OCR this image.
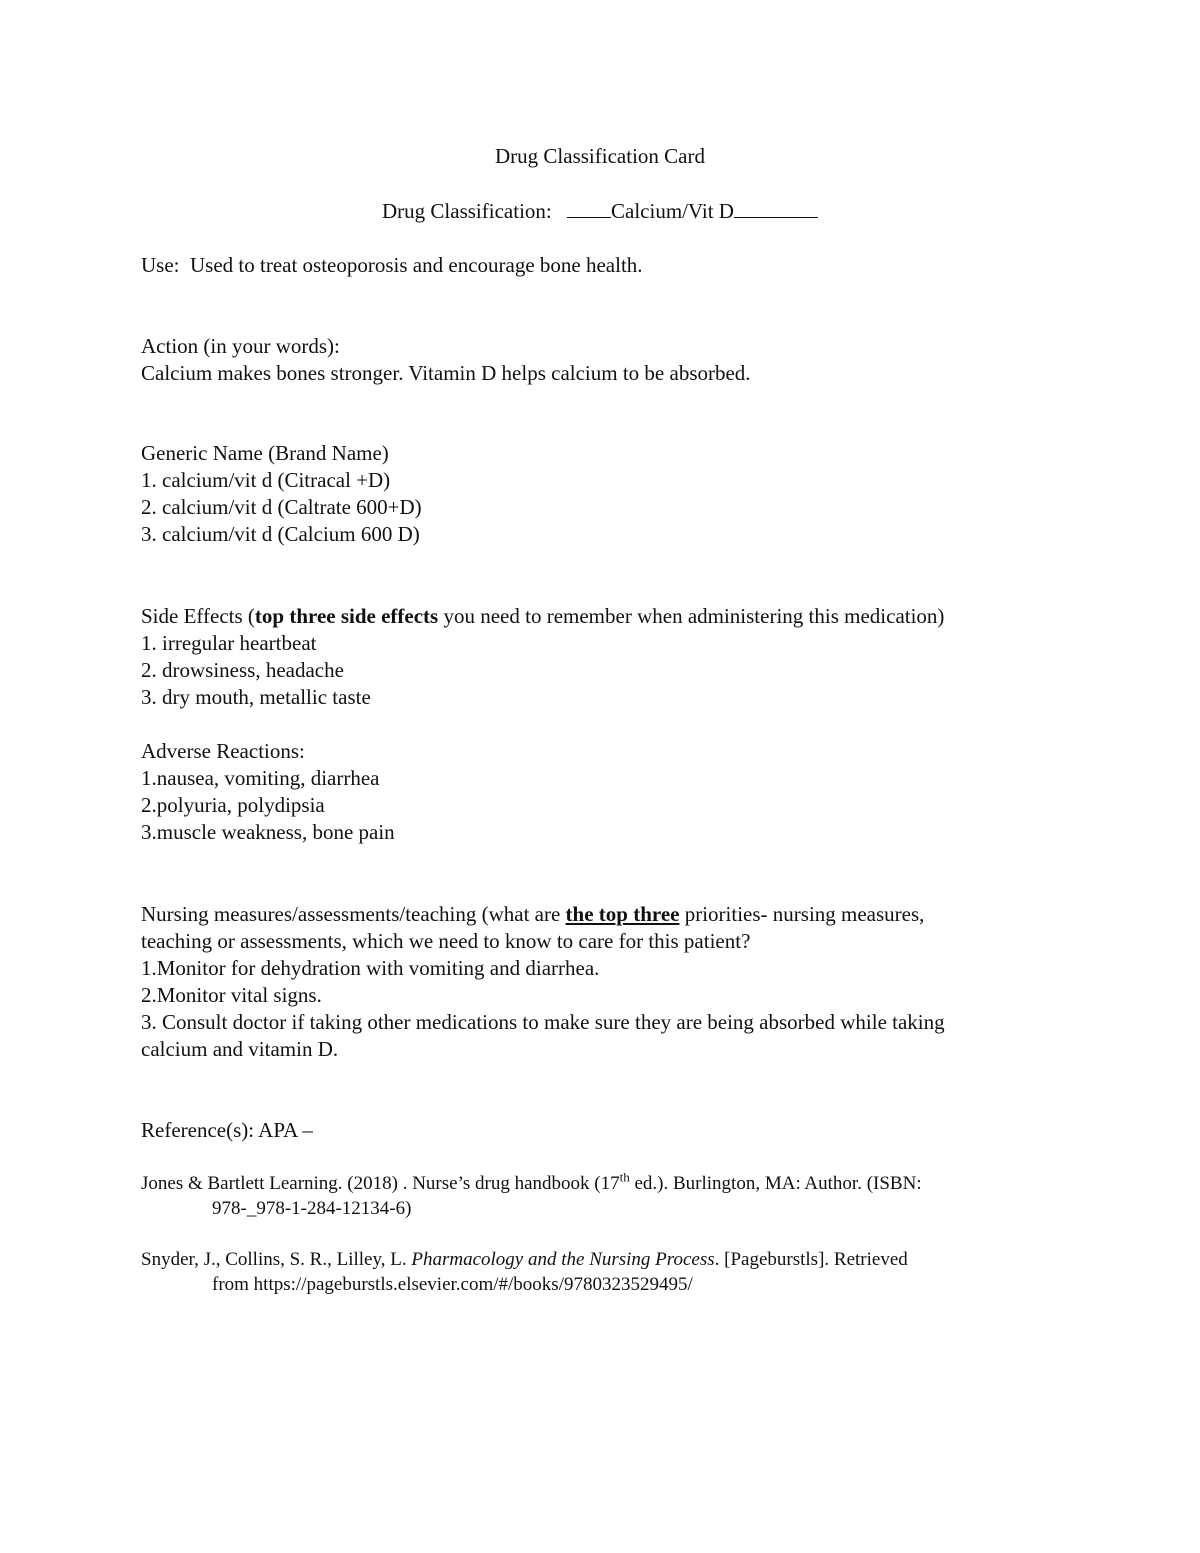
Drug Classification Card
Drug Classification:	Calcium/Vit D
Use: Used to treat osteoporosis and encourage bone health.
Action (in your words):
Calcium makes bones stronger. Vitamin D helps calcium to be absorbed.
Generic Name (Brand Name)
1. calcium/vit d (Citracal +D)
2. calcium/vit d (Caltrate 600+D)
3. calcium/vit d (Calcium 600 D)
Side Effects (top three side effects you need to remember when administering this medication)
1. irregular heartbeat
2. drowsiness, headache
3. dry mouth, metallic taste
Adverse Reactions:
1.nausea, vomiting, diarrhea
2.polyuria, polydipsia
3.muscle weakness, bone pain
Nursing measures/assessments/teaching (what are the top three priorities- nursing measures,
teaching or assessments, which we need to know to care for this patient?
1.Monitor for dehydration with vomiting and diarrhea.
2.Monitor vital signs.
3. Consult doctor if taking other medications to make sure they are being absorbed while taking
calcium and vitamin D.
Reference(s): APA –
Jones & Bartlett Learning. (2018) . Nurse’s drug handbook (17th ed.). Burlington, MA: Author. (ISBN:
978-_978-1-284-12134-6)
Snyder, J., Collins, S. R., Lilley, L. Pharmacology and the Nursing Process. [Pageburstls]. Retrieved
from https://pageburstls.elsevier.com/#/books/9780323529495/
